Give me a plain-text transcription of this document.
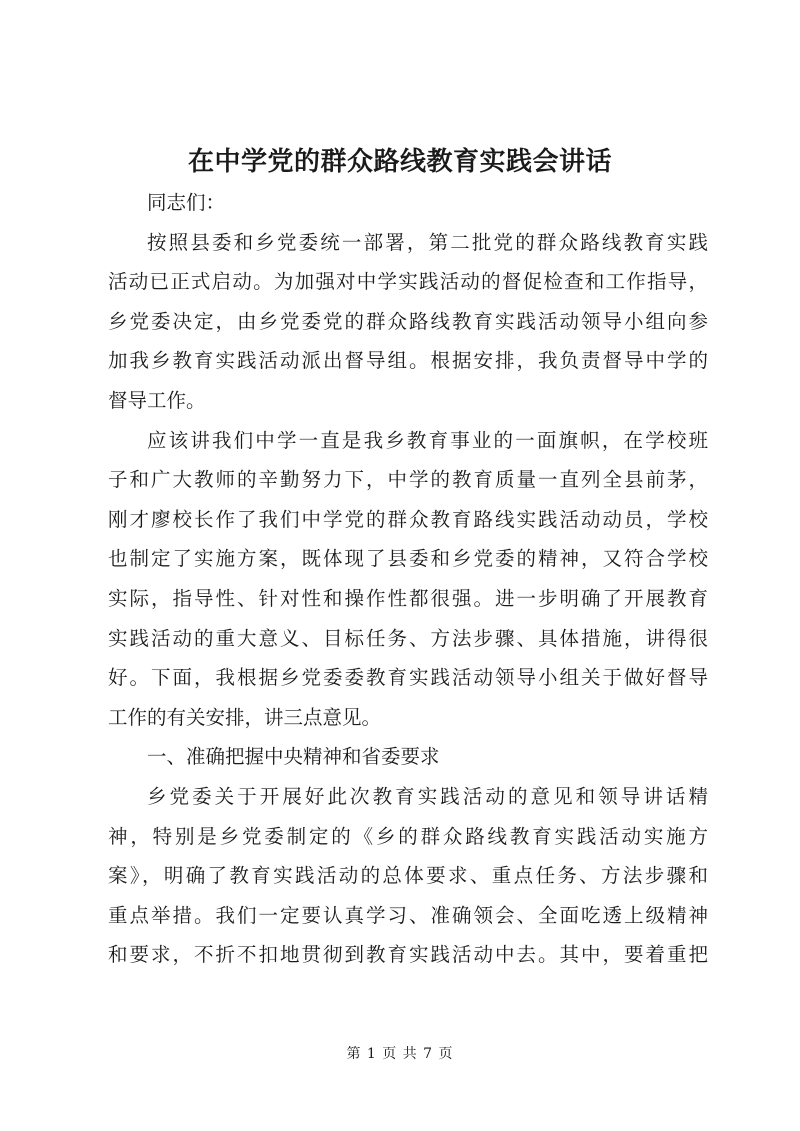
在中学党的群众路线教育实践会讲话
同志们：
按照县委和乡党委统一部署，第二批党的群众路线教育实践
活动已正式启动。为加强对中学实践活动的督促检查和工作指导，
乡党委决定，由乡党委党的群众路线教育实践活动领导小组向参
加我乡教育实践活动派出督导组。根据安排，我负责督导中学的
督导工作。
应该讲我们中学一直是我乡教育事业的一面旗帜，在学校班
子和广大教师的辛勤努力下，中学的教育质量一直列全县前茅，
刚才廖校长作了我们中学党的群众教育路线实践活动动员，学校
也制定了实施方案，既体现了县委和乡党委的精神，又符合学校
实际，指导性、针对性和操作性都很强。进一步明确了开展教育
实践活动的重大意义、目标任务、方法步骤、具体措施，讲得很
好。下面，我根据乡党委委教育实践活动领导小组关于做好督导
工作的有关安排，讲三点意见。
一、准确把握中央精神和省委要求
乡党委关于开展好此次教育实践活动的意见和领导讲话精
神，特别是乡党委制定的《乡的群众路线教育实践活动实施方
案》，明确了教育实践活动的总体要求、重点任务、方法步骤和
重点举措。我们一定要认真学习、准确领会、全面吃透上级精神
和要求，不折不扣地贯彻到教育实践活动中去。其中，要着重把
第 1 页 共 7 页
